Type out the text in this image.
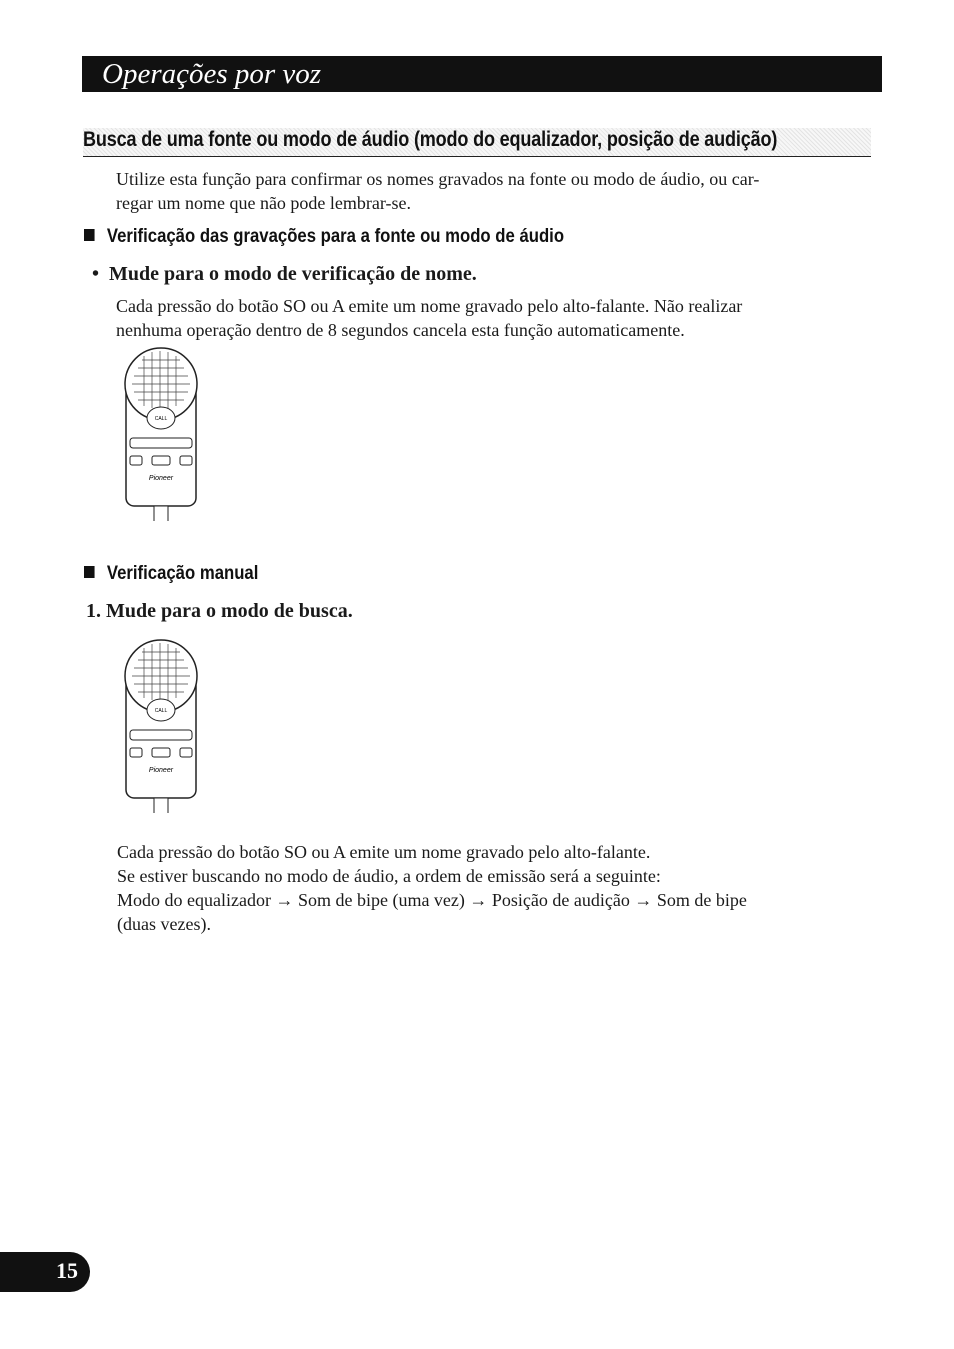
Operações por voz
Busca de uma fonte ou modo de áudio (modo do equalizador, posição de audição)
Utilize esta função para confirmar os nomes gravados na fonte ou modo de áudio, ou car-
regar um nome que não pode lembrar-se.
Verificação das gravações para a fonte ou modo de áudio
• Mude para o modo de verificação de nome.
Cada pressão do botão SO ou A emite um nome gravado pelo alto-falante. Não realizar
nenhuma operação dentro de 8 segundos cancela esta função automaticamente.
CALL
Pioneer
Verificação manual
1. Mude para o modo de busca.
CALL
Pioneer
Cada pressão do botão SO ou A emite um nome gravado pelo alto-falante.
Se estiver buscando no modo de áudio, a ordem de emissão será a seguinte:
Modo do equalizador → Som de bipe (uma vez) → Posição de audição → Som de bipe
(duas vezes).
15
